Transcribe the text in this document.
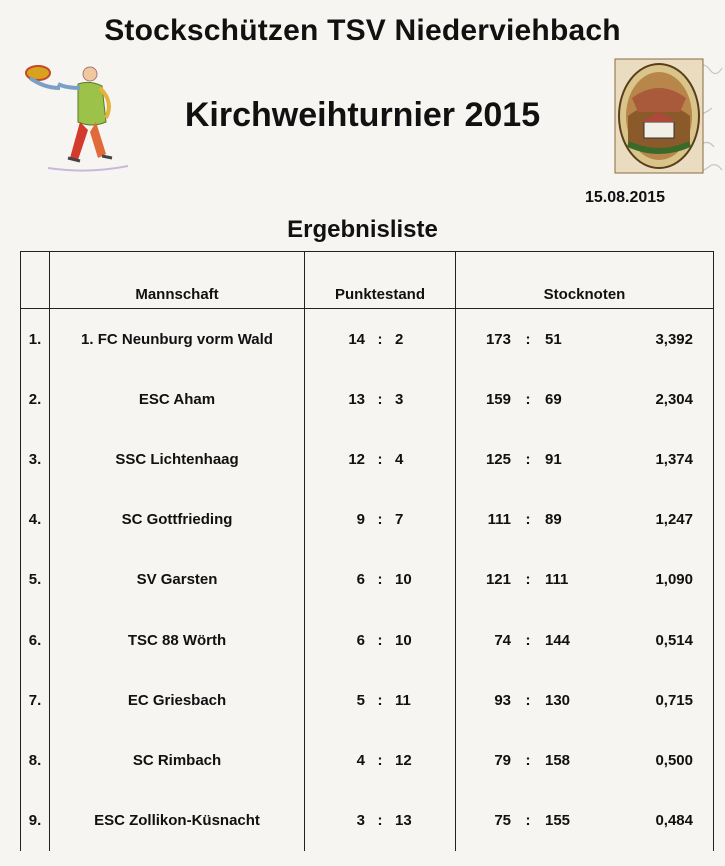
Stockschützen TSV Niederviehbach
Kirchweihturnier 2015
15.08.2015
Ergebnisliste

	Mannschaft	Punktestand	Stocknoten
1.	1. FC Neunburg vorm Wald	14 : 2	173 : 51 3,392

2.	ESC Aham	13 : 3	159 : 69 2,304

3.	SSC Lichtenhaag	12 : 4	125 : 91 1,374

4.	SC Gottfrieding	9 : 7	111 : 89 1,247

5.	SV Garsten	6 : 10	121 : 111 1,090

6.	TSC 88 Wörth	6 : 10	74 : 144 0,514

7.	EC Griesbach	5 : 11	93 : 130 0,715

8.	SC Rimbach	4 : 12	79 : 158 0,500

9.	ESC Zollikon-Küsnacht	3 : 13	75 : 155 0,484
